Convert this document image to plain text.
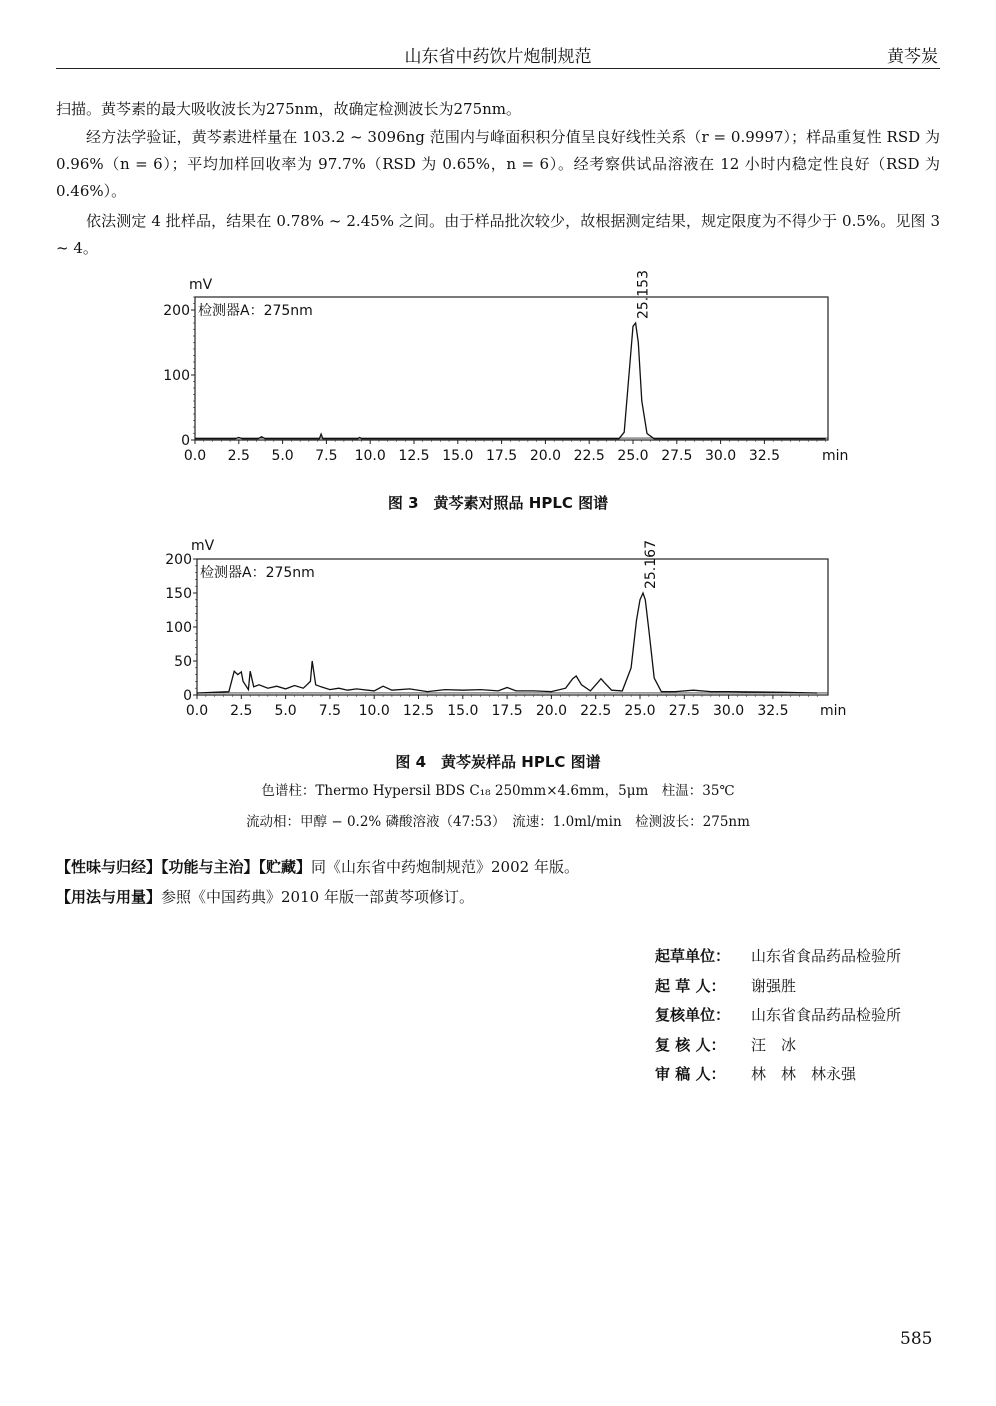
山东省中药饮片炮制规范	黄芩炭

扫描。黄芩素的最大吸收波长为275nm，故确定检测波长为275nm。

经方法学验证，黄芩素进样量在 103.2 ~ 3096ng 范围内与峰面积积分值呈良好线性关系（r = 0.9997）；样品重复性 RSD 为 0.96%（n = 6）；平均加样回收率为 97.7%（RSD 为 0.65%，n = 6）。经考察供试品溶液在 12 小时内稳定性良好（RSD 为 0.46%）。

依法测定 4 批样品，结果在 0.78% ~ 2.45% 之间。由于样品批次较少，故根据测定结果，规定限度为不得少于 0.5%。见图 3 ~ 4。

0
100
200
0.0 2.5 5.0 7.5 10.0 12.5 15.0 17.5 20.0 22.5 25.0 27.5 30.0 32.5
mV
min
检测器A：275nm	25.153
0
50
100
150
200
0.0 2.5 5.0 7.5 10.0 12.5 15.0 17.5 20.0 22.5 25.0 27.5 30.0 32.5
mV
min
检测器A：275nm	25.167
图 3　黄芩素对照品 HPLC 图谱
图 4　黄芩炭样品 HPLC 图谱
色谱柱：Thermo Hypersil BDS C₁₈ 250mm×4.6mm，5μm　柱温：35℃
流动相：甲醇 − 0.2% 磷酸溶液（47:53）　流速：1.0ml/min　检测波长：275nm
【性味与归经】【功能与主治】【贮藏】同《山东省中药炮制规范》2002 年版。
【用法与用量】参照《中国药典》2010 年版一部黄芩项修订。
起草单位： 山东省食品药品检验所
起 草 人： 谢强胜
复核单位： 山东省食品药品检验所
复 核 人： 汪　冰
审 稿 人： 林　林　林永强
585
